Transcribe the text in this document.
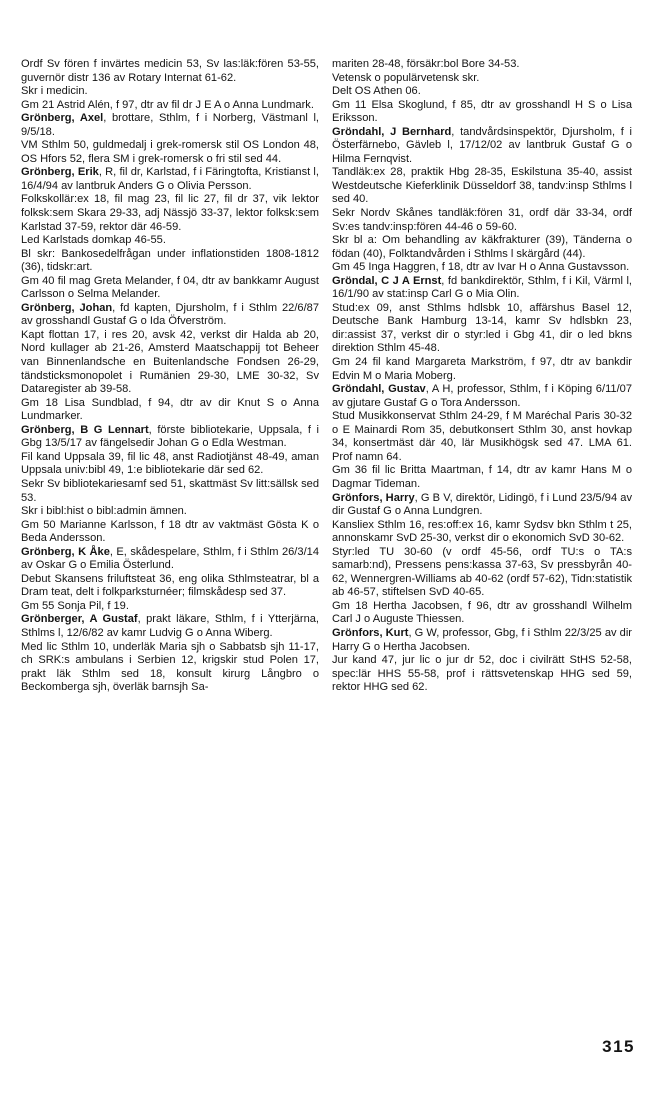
Ordf Sv fören f invärtes medicin 53, Sv las:läk:fören 53-55, guvernör distr 136 av Rotary Internat 61-62.

Skr i medicin.

Gm 21 Astrid Alén, f 97, dtr av fil dr J E A o Anna Lundmark.

Grönberg, Axel, brottare, Sthlm, f i Norberg, Västmanl l, 9/5/18.

VM Sthlm 50, guldmedalj i grek-romersk stil OS London 48, OS Hfors 52, flera SM i grek-romersk o fri stil sed 44.

Grönberg, Erik, R, fil dr, Karlstad, f i Färingtofta, Kristianst l, 16/4/94 av lantbruk Anders G o Olivia Persson.

Folkskollär:ex 18, fil mag 23, fil lic 27, fil dr 37, vik lektor folksk:sem Skara 29-33, adj Nässjö 33-37, lektor folksk:sem Karlstad 37-59, rektor där 46-59.

Led Karlstads domkap 46-55.

Bl skr: Bankosedelfrågan under inflationstiden 1808-1812 (36), tidskr:art.

Gm 40 fil mag Greta Melander, f 04, dtr av bankkamr August Carlsson o Selma Melander.

Grönberg, Johan, fd kapten, Djursholm, f i Sthlm 22/6/87 av grosshandl Gustaf G o Ida Öfverström.

Kapt flottan 17, i res 20, avsk 42, verkst dir Halda ab 20, Nord kullager ab 21-26, Amsterd Maatschappij tot Beheer van Binnenlandsche en Buitenlandsche Fondsen 26-29, tändsticksmonopolet i Rumänien 29-30, LME 30-32, Sv Dataregister ab 39-58.

Gm 18 Lisa Sundblad, f 94, dtr av dir Knut S o Anna Lundmarker.

Grönberg, B G Lennart, förste bibliotekarie, Uppsala, f i Gbg 13/5/17 av fängelsedir Johan G o Edla Westman.

Fil kand Uppsala 39, fil lic 48, anst Radiotjänst 48-49, aman Uppsala univ:bibl 49, 1:e bibliotekarie där sed 62.

Sekr Sv bibliotekariesamf sed 51, skattmäst Sv litt:sällsk sed 53.

Skr i bibl:hist o bibl:admin ämnen.

Gm 50 Marianne Karlsson, f 18 dtr av vaktmäst Gösta K o Beda Andersson.

Grönberg, K Åke, E, skådespelare, Sthlm, f i Sthlm 26/3/14 av Oskar G o Emilia Österlund.

Debut Skansens friluftsteat 36, eng olika Sthlmsteatrar, bl a Dram teat, delt i folkparksturnéer; filmskådesp sed 37.

Gm 55 Sonja Pil, f 19.

Grönberger, A Gustaf, prakt läkare, Sthlm, f i Ytterjärna, Sthlms l, 12/6/82 av kamr Ludvig G o Anna Wiberg.

Med lic Sthlm 10, underläk Maria sjh o Sabbatsb sjh 11-17, ch SRK:s ambulans i Serbien 12, krigskir stud Polen 17, prakt läk Sthlm sed 18, konsult kirurg Långbro o Beckomberga sjh, överläk barnsjh Sa-

mariten 28-48, försäkr:bol Bore 34-53.

Vetensk o populärvetensk skr.

Delt OS Athen 06.

Gm 11 Elsa Skoglund, f 85, dtr av grosshandl H S o Lisa Eriksson.

Gröndahl, J Bernhard, tandvårdsinspektör, Djursholm, f i Österfärnebo, Gävleb l, 17/12/02 av lantbruk Gustaf G o Hilma Fernqvist.

Tandläk:ex 28, praktik Hbg 28-35, Eskilstuna 35-40, assist Westdeutsche Kieferklinik Düsseldorf 38, tandv:insp Sthlms l sed 40.

Sekr Nordv Skånes tandläk:fören 31, ordf där 33-34, ordf Sv:es tandv:insp:fören 44-46 o 59-60.

Skr bl a: Om behandling av käkfrakturer (39), Tänderna o födan (40), Folktandvården i Sthlms l skärgård (44).

Gm 45 Inga Haggren, f 18, dtr av Ivar H o Anna Gustavsson.

Gröndal, C J A Ernst, fd bankdirektör, Sthlm, f i Kil, Värml l, 16/1/90 av stat:insp Carl G o Mia Olin.

Stud:ex 09, anst Sthlms hdlsbk 10, affärshus Basel 12, Deutsche Bank Hamburg 13-14, kamr Sv hdlsbkn 23, dir:assist 37, verkst dir o styr:led i Gbg 41, dir o led bkns direktion Sthlm 45-48.

Gm 24 fil kand Margareta Markström, f 97, dtr av bankdir Edvin M o Maria Moberg.

Gröndahl, Gustav, A H, professor, Sthlm, f i Köping 6/11/07 av gjutare Gustaf G o Tora Andersson.

Stud Musikkonservat Sthlm 24-29, f M Maréchal Paris 30-32 o E Mainardi Rom 35, debutkonsert Sthlm 30, anst hovkap 34, konsertmäst där 40, lär Musikhögsk sed 47. LMA 61. Prof namn 64.

Gm 36 fil lic Britta Maartman, f 14, dtr av kamr Hans M o Dagmar Tideman.

Grönfors, Harry, G B V, direktör, Lidingö, f i Lund 23/5/94 av dir Gustaf G o Anna Lundgren.

Kansliex Sthlm 16, res:off:ex 16, kamr Sydsv bkn Sthlm t 25, annonskamr SvD 25-30, verkst dir o ekonomich SvD 30-62.

Styr:led TU 30-60 (v ordf 45-56, ordf TU:s o TA:s samarb:nd), Pressens pens:kassa 37-63, Sv pressbyrån 40-62, Wennergren-Williams ab 40-62 (ordf 57-62), Tidn:statistik ab 46-57, stiftelsen SvD 40-65.

Gm 18 Hertha Jacobsen, f 96, dtr av grosshandl Wilhelm Carl J o Auguste Thiessen.

Grönfors, Kurt, G W, professor, Gbg, f i Sthlm 22/3/25 av dir Harry G o Hertha Jacobsen.

Jur kand 47, jur lic o jur dr 52, doc i civilrätt StHS 52-58, spec:lär HHS 55-58, prof i rättsvetenskap HHG sed 59, rektor HHG sed 62.

315
